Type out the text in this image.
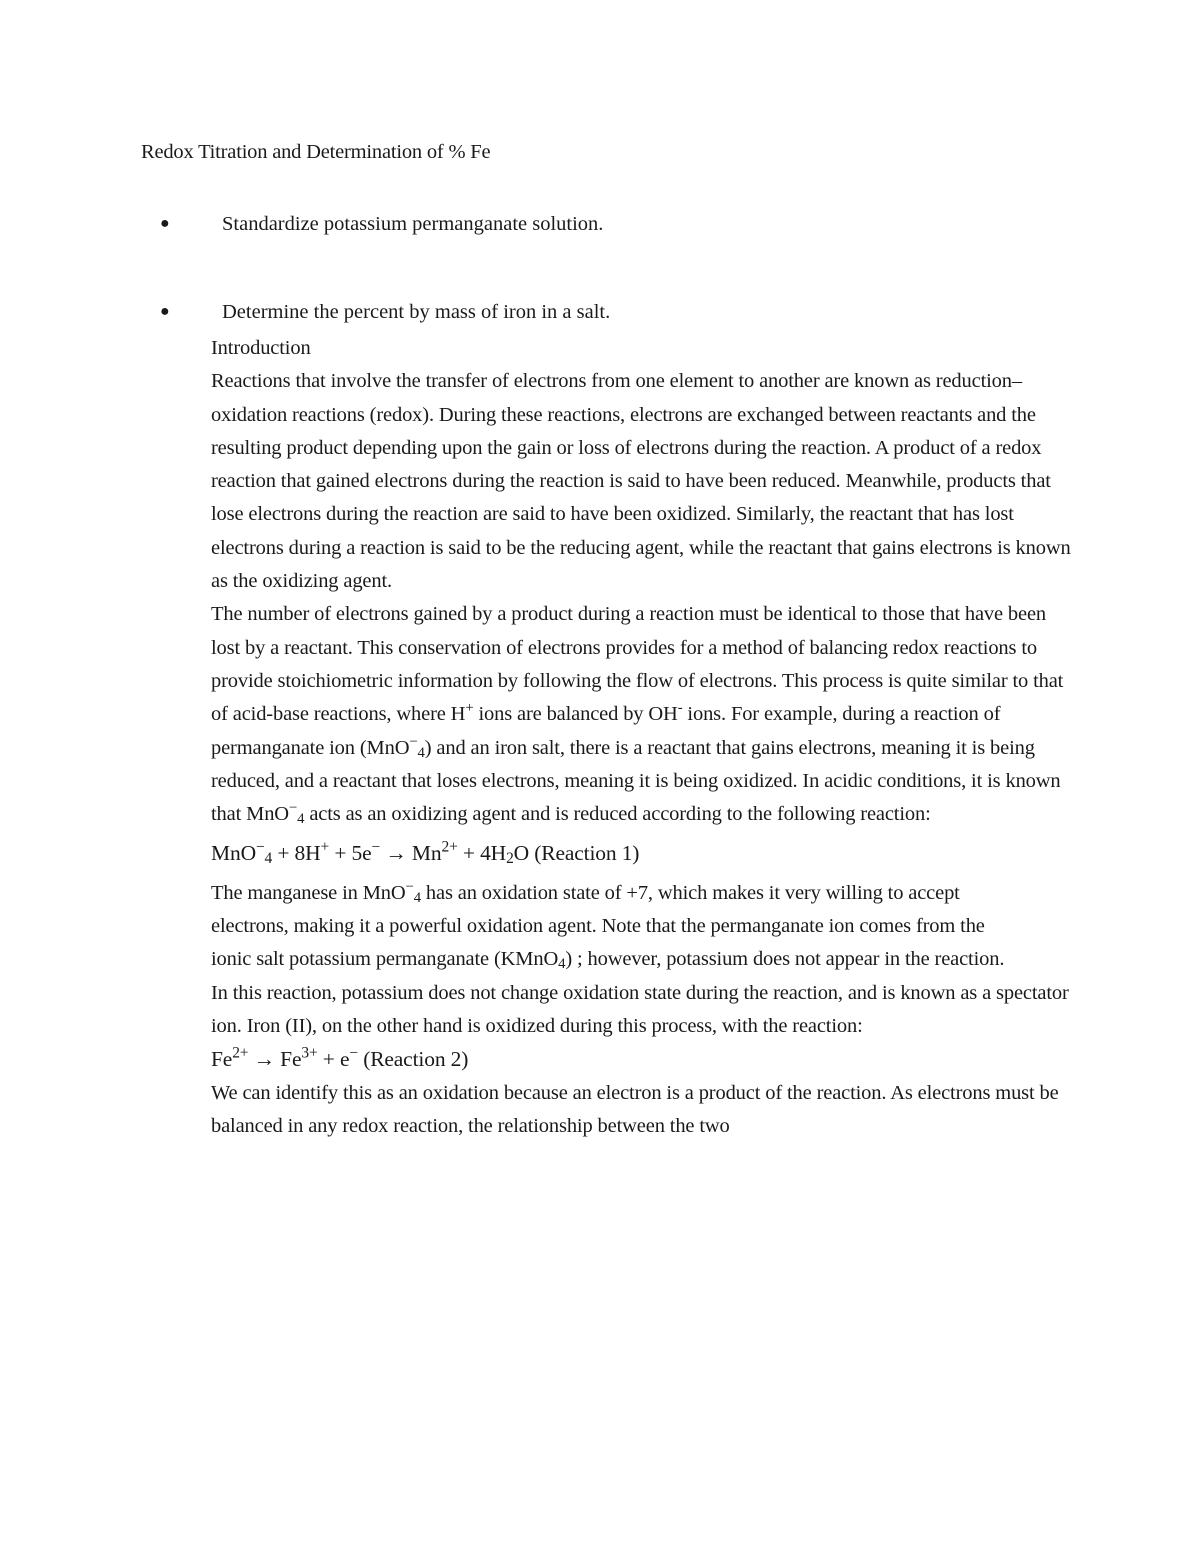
Redox Titration and Determination of % Fe
●	Standardize potassium permanganate solution.
●	Determine the percent by mass of iron in a salt.

Introduction

Reactions that involve the transfer of electrons from one element to another are known as reduction–oxidation reactions (redox). During these reactions, electrons are exchanged between reactants and the resulting product depending upon the gain or loss of electrons during the reaction. A product of a redox reaction that gained electrons during the reaction is said to have been reduced. Meanwhile, products that lose electrons during the reaction are said to have been oxidized. Similarly, the reactant that has lost electrons during a reaction is said to be the reducing agent, while the reactant that gains electrons is known as the oxidizing agent.

The number of electrons gained by a product during a reaction must be identical to those that have been lost by a reactant. This conservation of electrons provides for a method of balancing redox reactions to provide stoichiometric information by following the flow of electrons. This process is quite similar to that of acid-base reactions, where H+ ions are balanced by OH- ions. For example, during a reaction of permanganate ion (MnO−$_4$) and an iron salt, there is a reactant that gains electrons, meaning it is being reduced, and a reactant that loses electrons, meaning it is being oxidized. In acidic conditions, it is known that MnO−$_4$ acts as an oxidizing agent and is reduced according to the following reaction:

$MnO^-_4 + 8H^+ + 5e^- \to Mn^{2+} + 4H_2O$ (Reaction 1)

The manganese in MnO−$_4$ has an oxidation state of +7, which makes it very willing to accept
electrons, making it a powerful oxidation agent. Note that the permanganate ion comes from the
ionic salt potassium permanganate (KMnO$_4$) ; however, potassium does not appear in the reaction.

In this reaction, potassium does not change oxidation state during the reaction, and is known as a spectator ion. Iron (II), on the other hand is oxidized during this process, with the reaction:

$Fe^{2+} \to Fe^{3+} + e^-$ (Reaction 2)

We can identify this as an oxidation because an electron is a product of the reaction. As electrons must be balanced in any redox reaction, the relationship between the two
